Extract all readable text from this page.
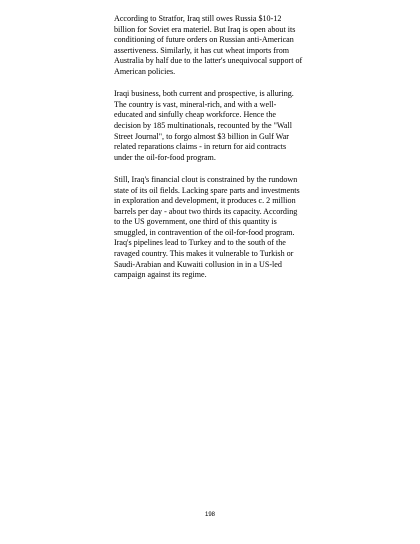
According to Stratfor, Iraq still owes Russia $10-12
billion for Soviet era materiel. But Iraq is open about its
conditioning of future orders on Russian anti-American
assertiveness. Similarly, it has cut wheat imports from
Australia by half due to the latter's unequivocal support of
American policies.

Iraqi business, both current and prospective, is alluring.
The country is vast, mineral-rich, and with a well-
educated and sinfully cheap workforce. Hence the
decision by 185 multinationals, recounted by the "Wall
Street Journal", to forgo almost $3 billion in Gulf War
related reparations claims - in return for aid contracts
under the oil-for-food program.

Still, Iraq's financial clout is constrained by the rundown
state of its oil fields. Lacking spare parts and investments
in exploration and development, it produces c. 2 million
barrels per day - about two thirds its capacity. According
to the US government, one third of this quantity is
smuggled, in contravention of the oil-for-food program.
Iraq's pipelines lead to Turkey and to the south of the
ravaged country. This makes it vulnerable to Turkish or
Saudi-Arabian and Kuwaiti collusion in in a US-led
campaign against its regime.

198
